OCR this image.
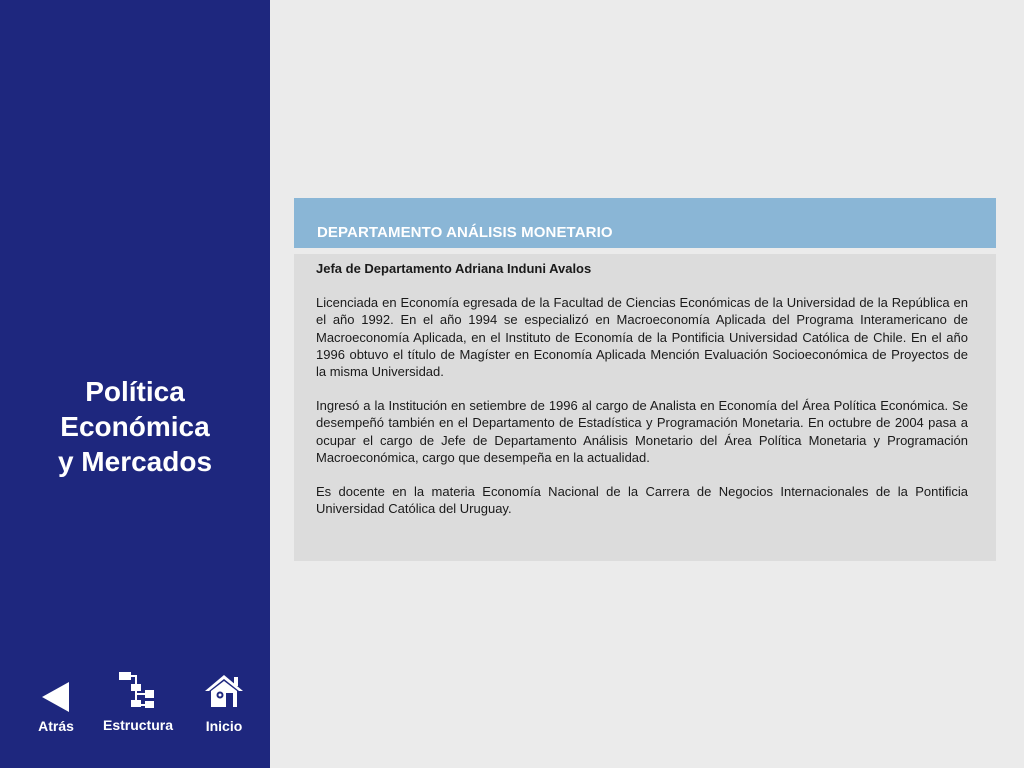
Política
Económica
y Mercados
Atrás	Estructura	Inicio
DEPARTAMENTO ANÁLISIS MONETARIO
Jefa de Departamento Adriana Induni Avalos

Licenciada en Economía egresada de la Facultad de Ciencias Económicas de la Universidad de la República en el año 1992. En el año 1994 se especializó en Macroeconomía Aplicada del Programa Interamericano de Macroeconomía Aplicada, en el Instituto de Economía de la Pontificia Universidad Católica de Chile. En el año 1996 obtuvo el título de Magíster en Economía Aplicada Mención Evaluación Socioeconómica de Proyectos de la misma Universidad.

Ingresó a la Institución en setiembre de 1996 al cargo de Analista en Economía del Área Política Económica. Se desempeñó también en el Departamento de Estadística y Programación Monetaria. En octubre de 2004 pasa a ocupar el cargo de Jefe de Departamento Análisis Monetario del Área Política Monetaria y Programación Macroeconómica, cargo que desempeña en la actualidad.

Es docente en la materia Economía Nacional de la Carrera de Negocios Internacionales de la Pontificia Universidad Católica del Uruguay.
